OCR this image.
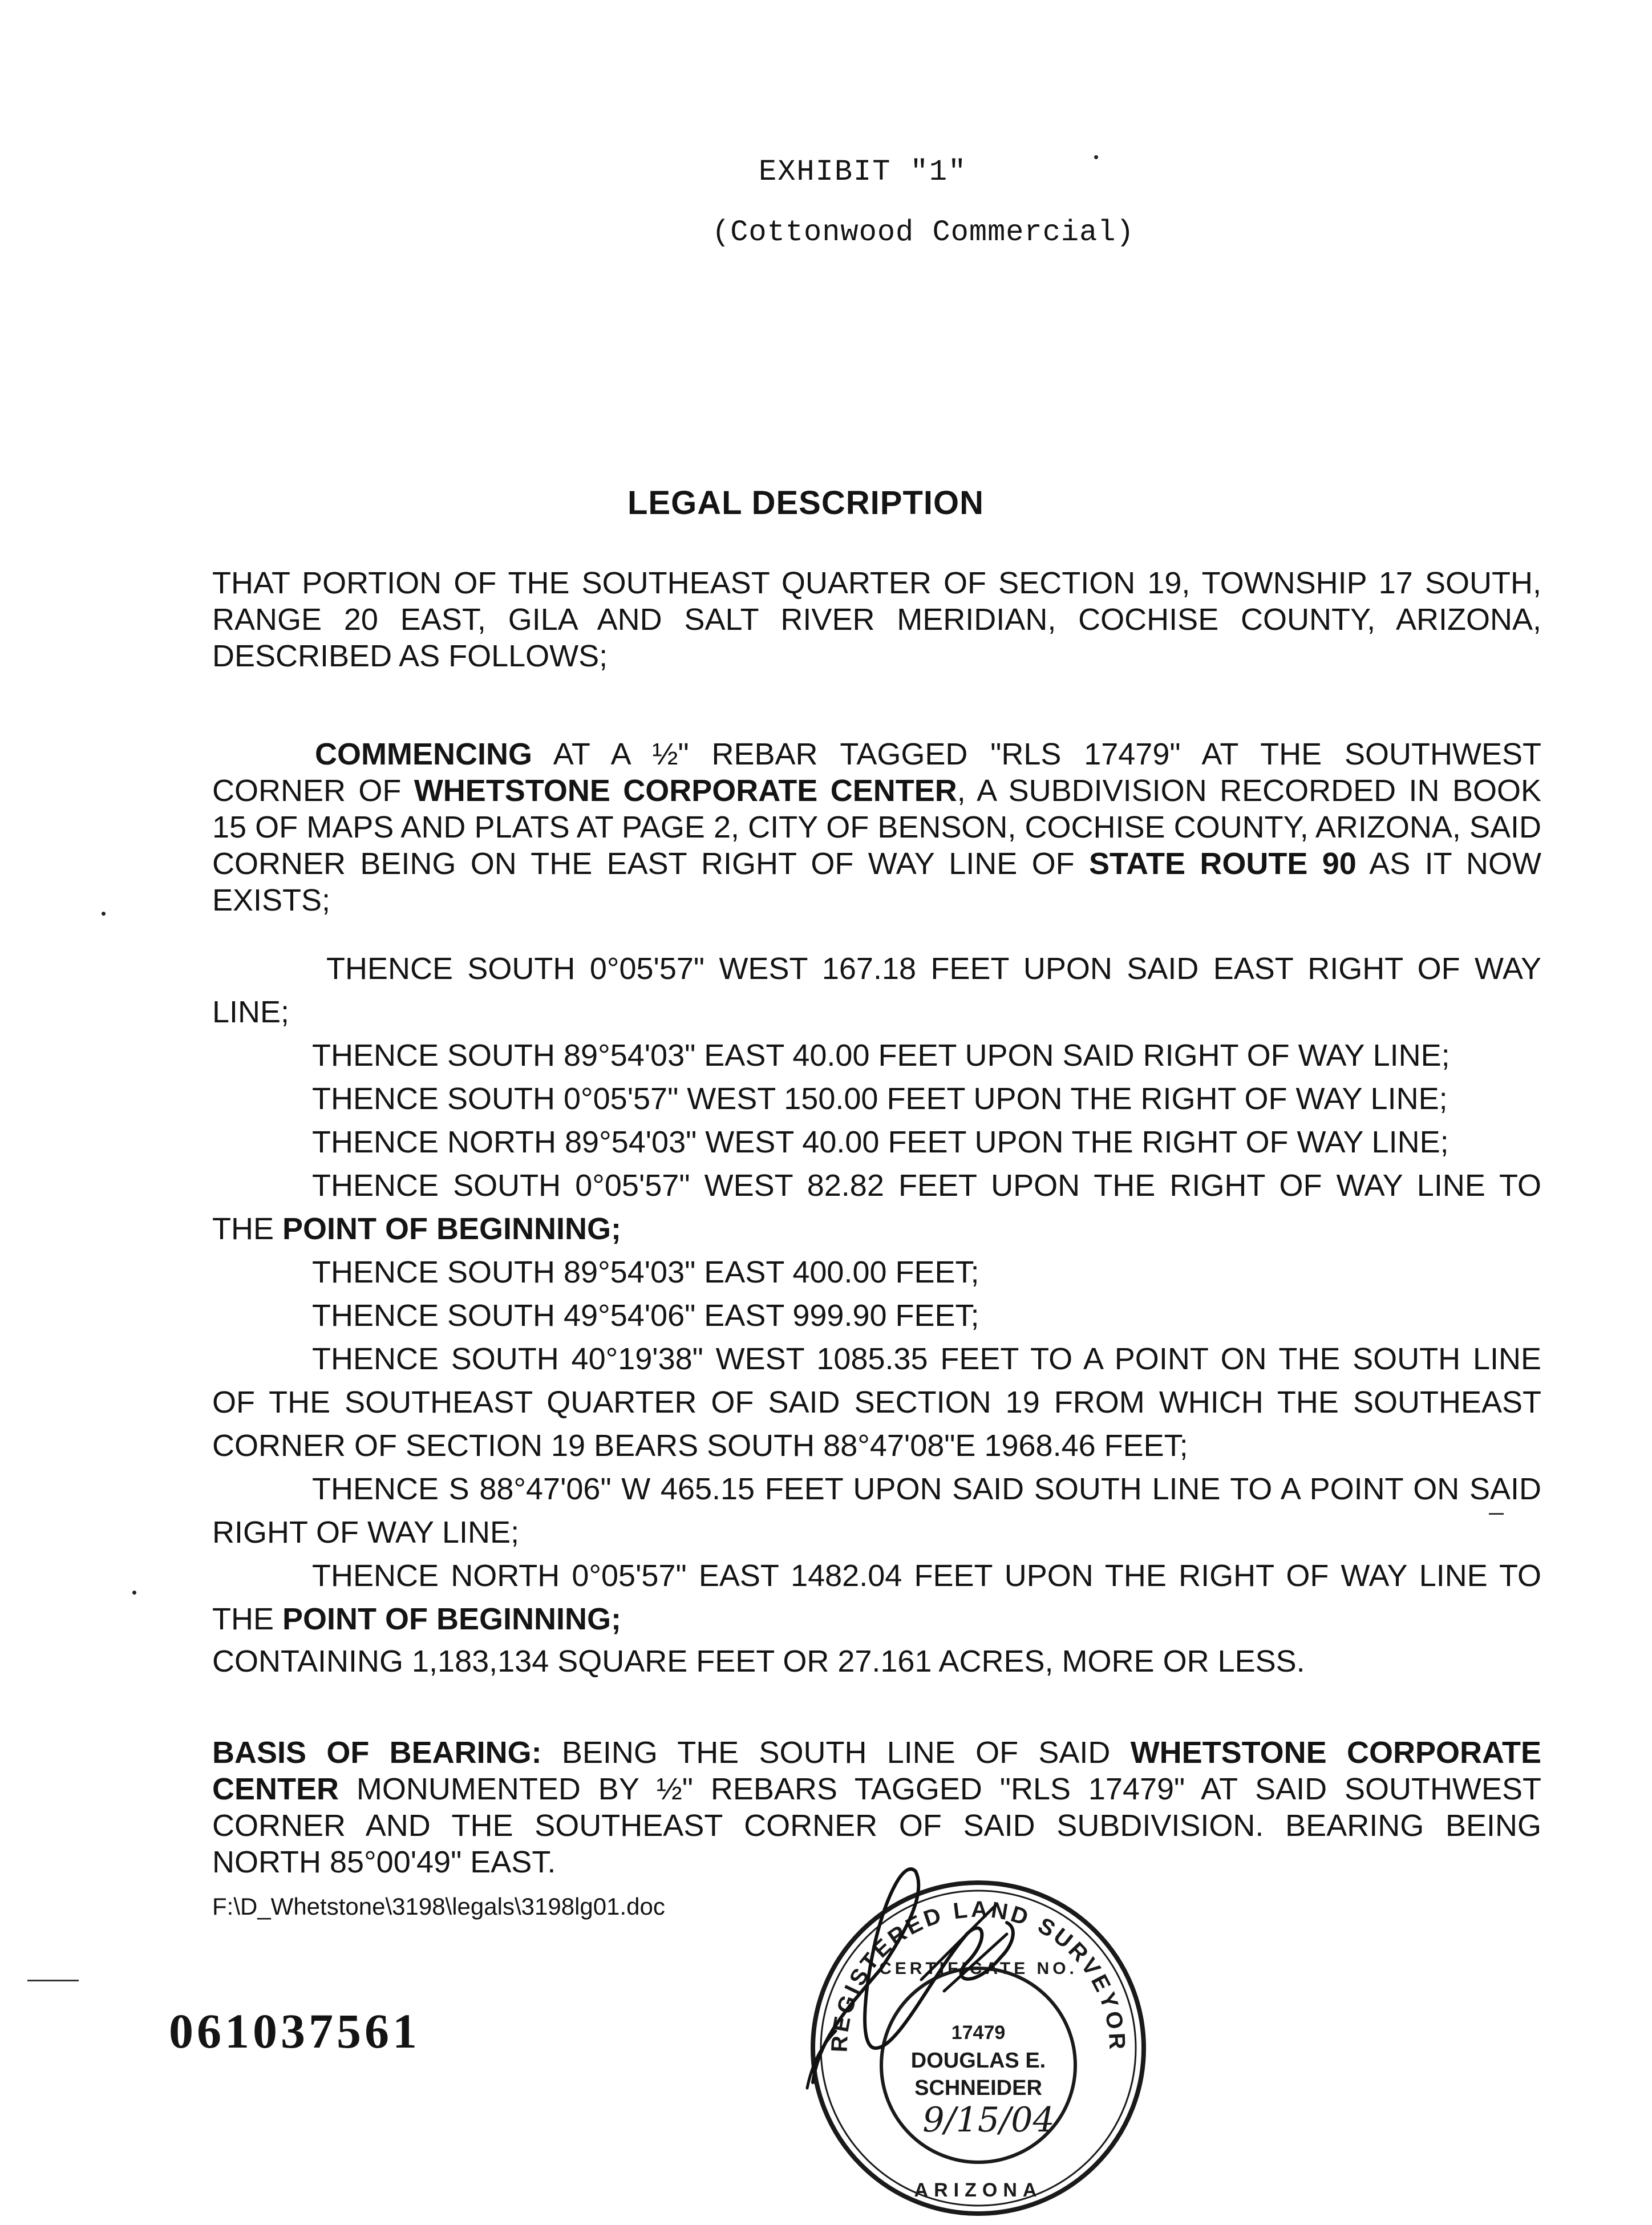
EXHIBIT "1"
(Cottonwood Commercial)
LEGAL DESCRIPTION
THAT PORTION OF THE SOUTHEAST QUARTER OF SECTION 19, TOWNSHIP 17 SOUTH, RANGE 20 EAST, GILA AND SALT RIVER MERIDIAN, COCHISE COUNTY, ARIZONA, DESCRIBED AS FOLLOWS;
COMMENCING AT A ½" REBAR TAGGED "RLS 17479" AT THE SOUTHWEST CORNER OF WHETSTONE CORPORATE CENTER, A SUBDIVISION RECORDED IN BOOK 15 OF MAPS AND PLATS AT PAGE 2, CITY OF BENSON, COCHISE COUNTY, ARIZONA, SAID CORNER BEING ON THE EAST RIGHT OF WAY LINE OF STATE ROUTE 90 AS IT NOW EXISTS;
THENCE SOUTH 0°05'57" WEST 167.18 FEET UPON SAID EAST RIGHT OF WAY LINE;
THENCE SOUTH 89°54'03" EAST 40.00 FEET UPON SAID RIGHT OF WAY LINE;
THENCE SOUTH 0°05'57" WEST 150.00 FEET UPON THE RIGHT OF WAY LINE;
THENCE NORTH 89°54'03" WEST 40.00 FEET UPON THE RIGHT OF WAY LINE;
THENCE SOUTH 0°05'57" WEST 82.82 FEET UPON THE RIGHT OF WAY LINE TO THE POINT OF BEGINNING;
THENCE SOUTH 89°54'03" EAST 400.00 FEET;
THENCE SOUTH 49°54'06" EAST 999.90 FEET;
THENCE SOUTH 40°19'38" WEST 1085.35 FEET TO A POINT ON THE SOUTH LINE OF THE SOUTHEAST QUARTER OF SAID SECTION 19 FROM WHICH THE SOUTHEAST CORNER OF SECTION 19 BEARS SOUTH 88°47'08"E 1968.46 FEET;
THENCE S 88°47'06" W 465.15 FEET UPON SAID SOUTH LINE TO A POINT ON SAID RIGHT OF WAY LINE;
THENCE NORTH 0°05'57" EAST 1482.04 FEET UPON THE RIGHT OF WAY LINE TO THE POINT OF BEGINNING;
CONTAINING 1,183,134 SQUARE FEET OR 27.161 ACRES, MORE OR LESS.
BASIS OF BEARING: BEING THE SOUTH LINE OF SAID WHETSTONE CORPORATE CENTER MONUMENTED BY ½" REBARS TAGGED "RLS 17479" AT SAID SOUTHWEST CORNER AND THE SOUTHEAST CORNER OF SAID SUBDIVISION. BEARING BEING NORTH 85°00'49" EAST.
F:\D_Whetstone\3198\legals\3198lg01.doc
061037561	REGISTERED LAND SURVEYOR
CERTIFICATE NO.
17479
DOUGLAS E.
SCHNEIDER
9/15/04
ARIZONA
